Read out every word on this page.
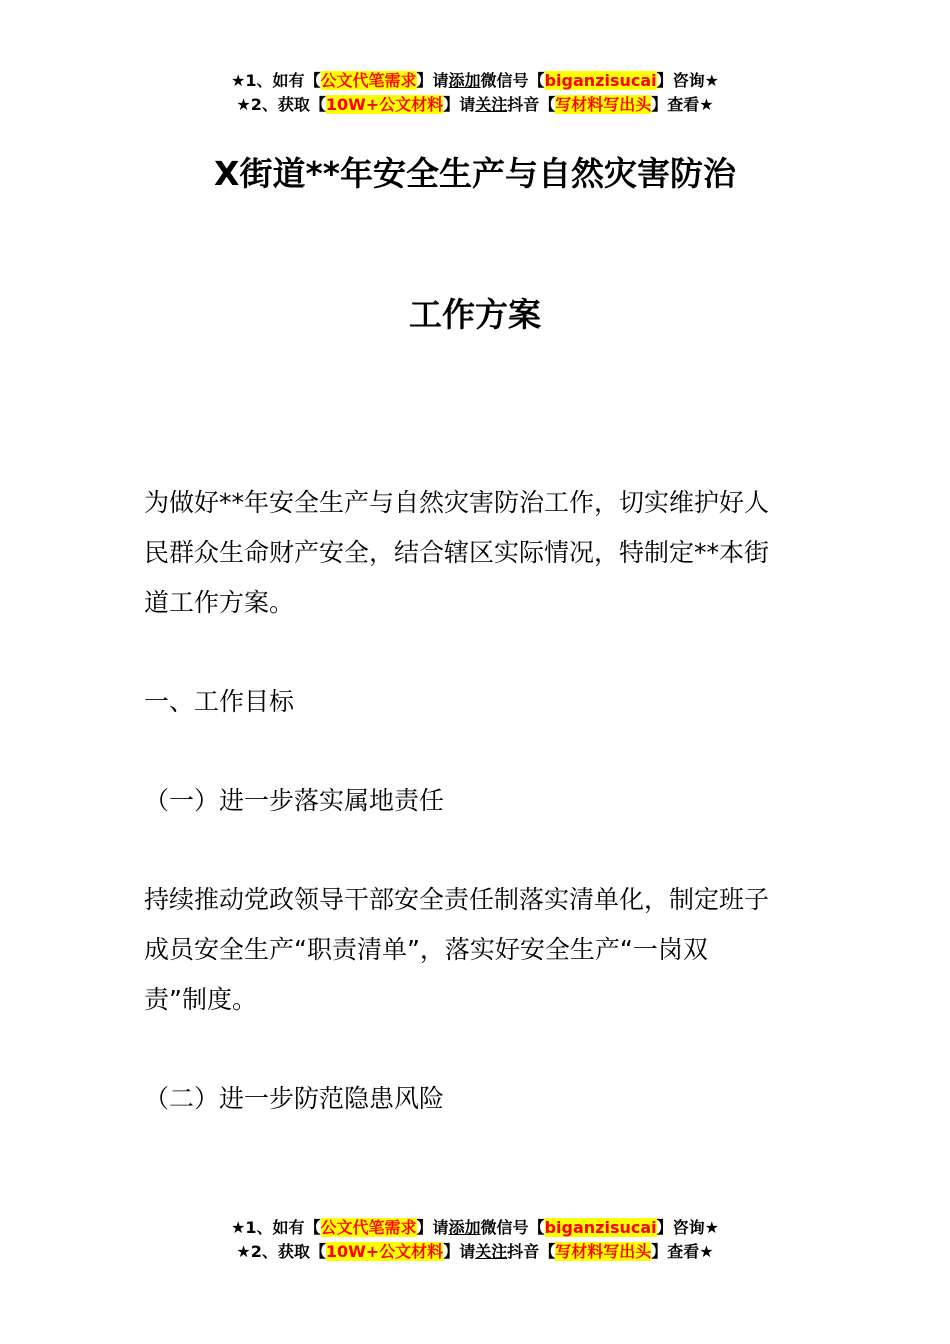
★1、如有【公文代笔需求】请添加微信号【biganzisucai】咨询★
★2、获取【10W+公文材料】请关注抖音【写材料写出头】查看★
X街道**年安全生产与自然灾害防治
工作方案

为做好**年安全生产与自然灾害防治工作，切实维护好人
民群众生命财产安全，结合辖区实际情况，特制定**本街
道工作方案。

一、工作目标

（一）进一步落实属地责任

持续推动党政领导干部安全责任制落实清单化，制定班子
成员安全生产“职责清单”，落实好安全生产“一岗双
责”制度。

（二）进一步防范隐患风险

★1、如有【公文代笔需求】请添加微信号【biganzisucai】咨询★
★2、获取【10W+公文材料】请关注抖音【写材料写出头】查看★
